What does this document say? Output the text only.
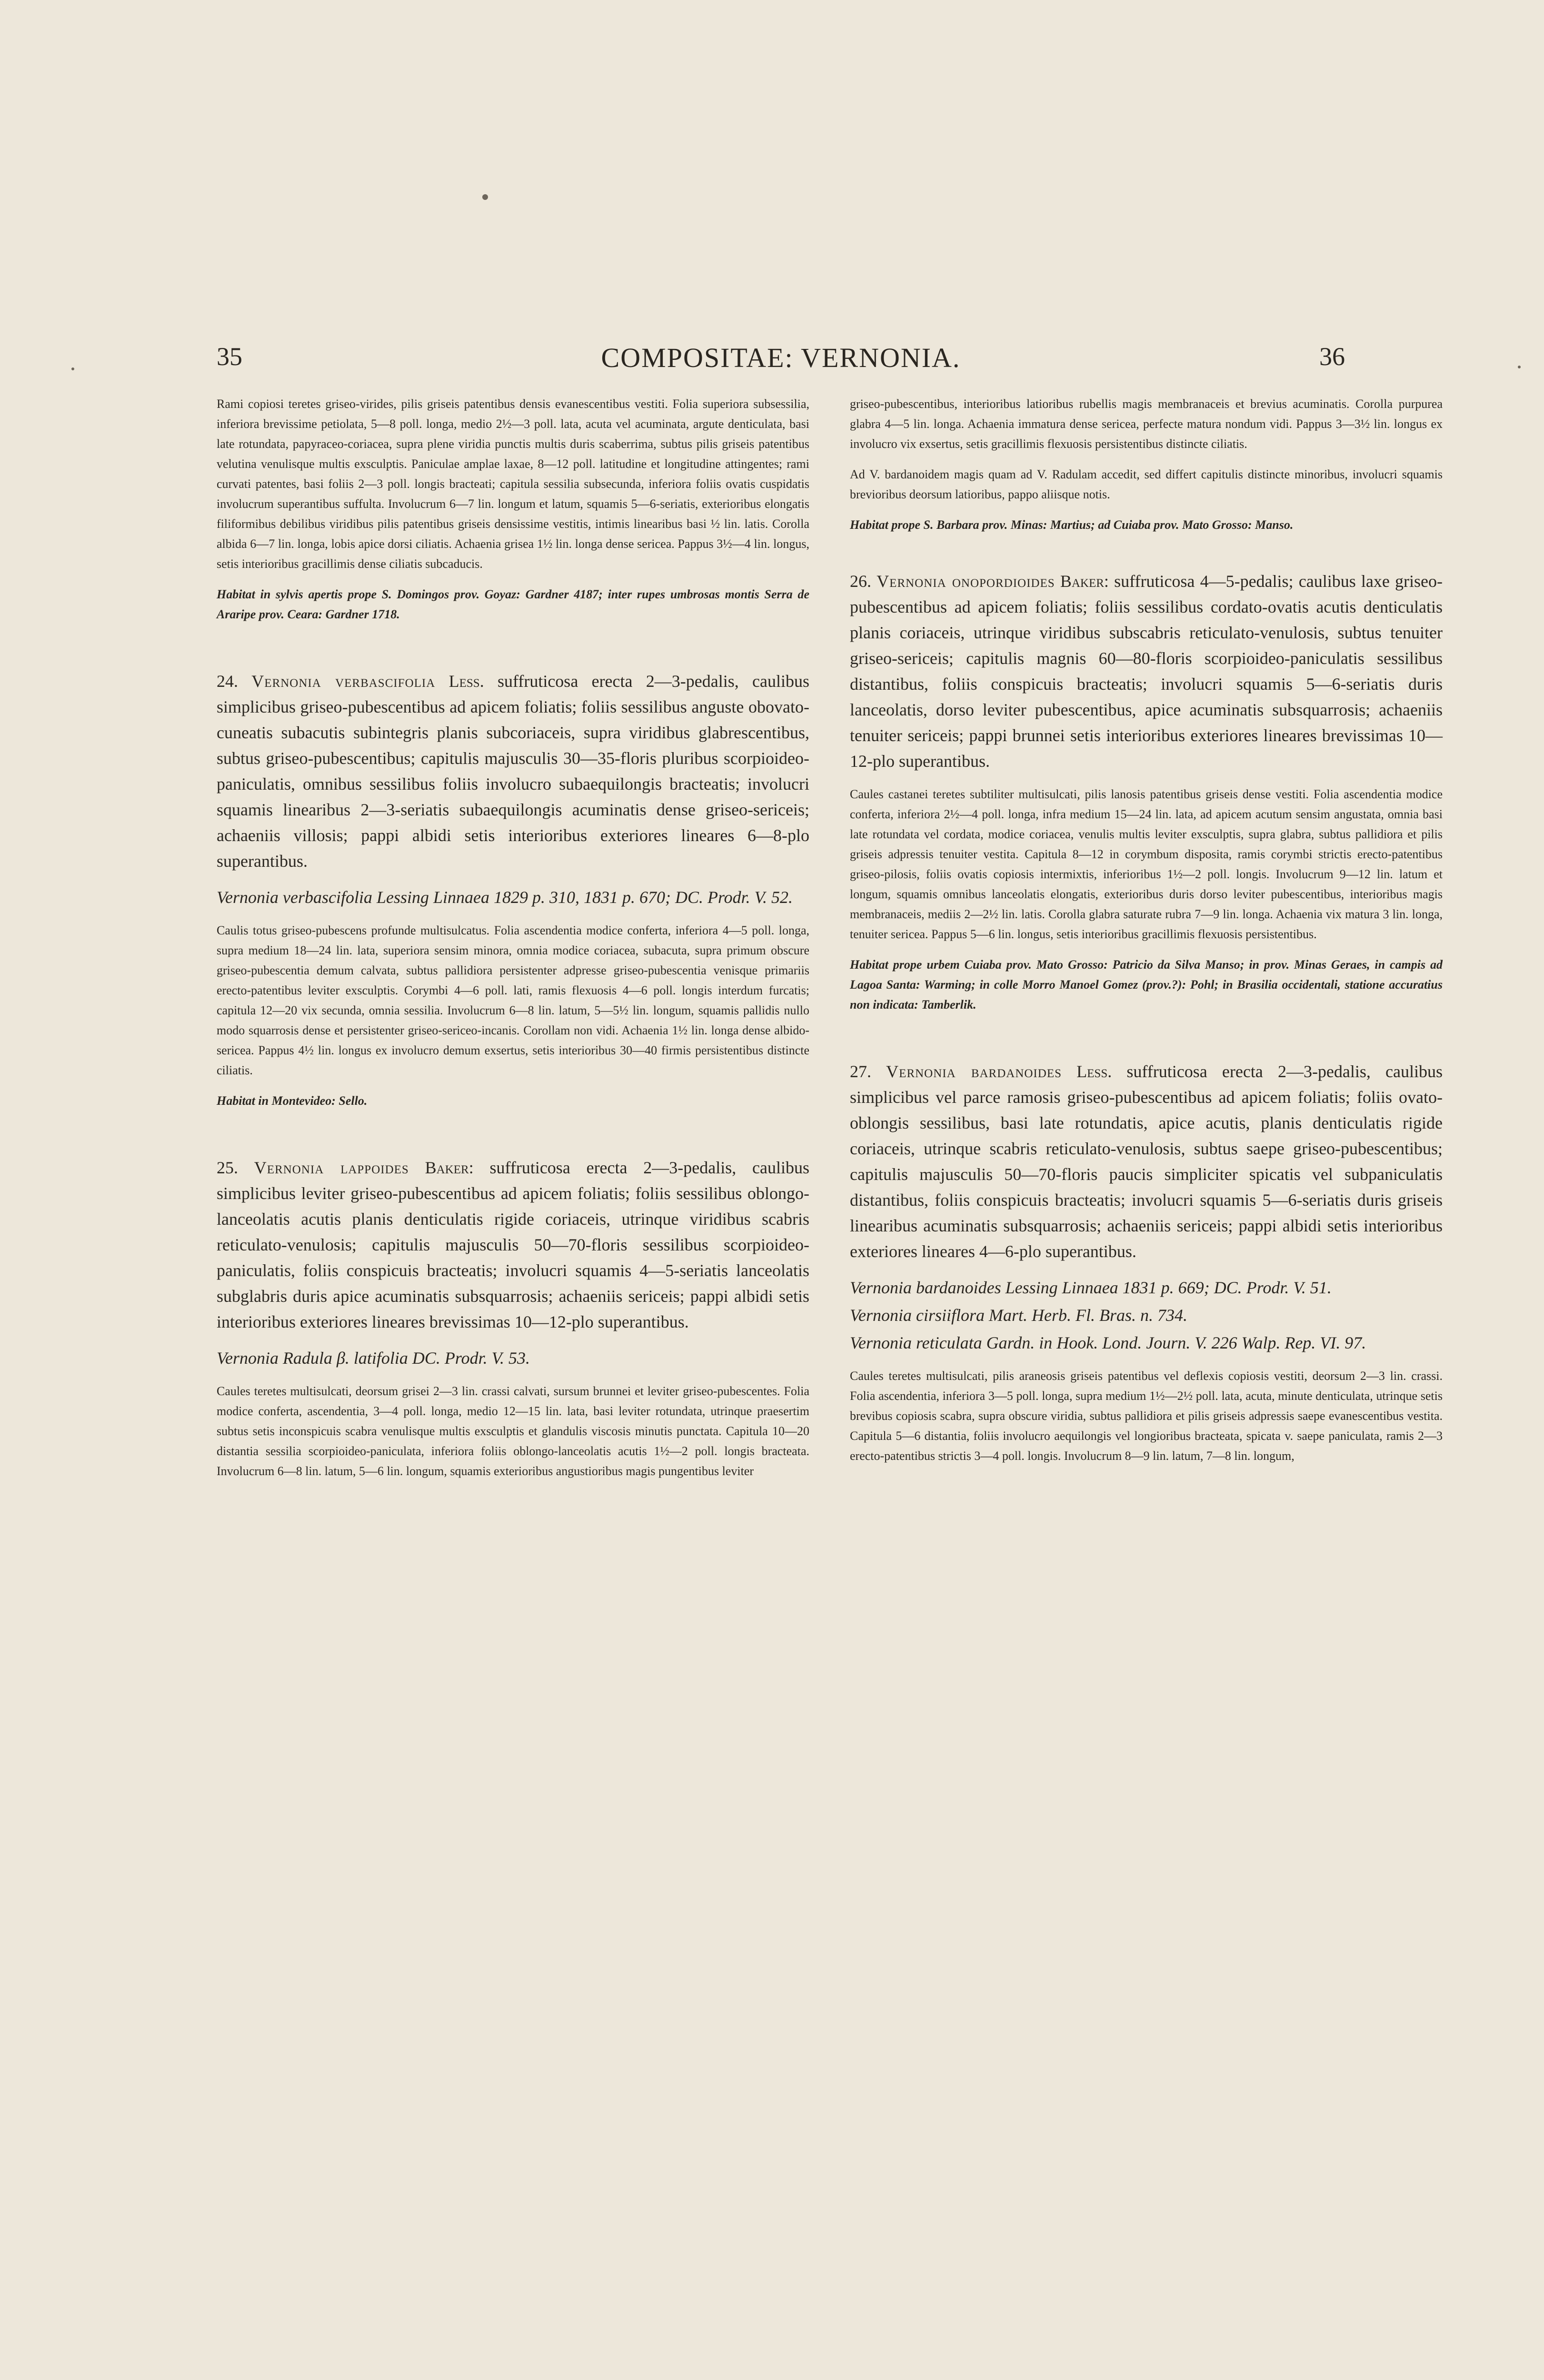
35	COMPOSITAE: VERNONIA.	36

Rami copiosi teretes griseo-virides, pilis griseis patentibus densis evanescentibus vestiti. Folia superiora subsessilia, inferiora brevissime petiolata, 5—8 poll. longa, medio 2½—3 poll. lata, acuta vel acuminata, argute denticulata, basi late rotundata, papyraceo-coriacea, supra plene viridia punctis multis duris scaberrima, subtus pilis griseis patentibus velutina venulisque multis exsculptis. Paniculae amplae laxae, 8—12 poll. latitudine et longitudine attingentes; rami curvati patentes, basi foliis 2—3 poll. longis bracteati; capitula sessilia subsecunda, inferiora foliis ovatis cuspidatis involucrum superantibus suffulta. Involucrum 6—7 lin. longum et latum, squamis 5—6-seriatis, exterioribus elongatis filiformibus debilibus viridibus pilis patentibus griseis densissime vestitis, intimis linearibus basi ½ lin. latis. Corolla albida 6—7 lin. longa, lobis apice dorsi ciliatis. Achaenia grisea 1½ lin. longa dense sericea. Pappus 3½—4 lin. longus, setis interioribus gracillimis dense ciliatis subcaducis.

Habitat in sylvis apertis prope S. Domingos prov. Goyaz: Gardner 4187; inter rupes umbrosas montis Serra de Araripe prov. Ceara: Gardner 1718.

24. Vernonia verbascifolia Less. suffruticosa erecta 2—3-pedalis, caulibus simplicibus griseo-pubescentibus ad apicem foliatis; foliis sessilibus anguste obovato-cuneatis subacutis subintegris planis subcoriaceis, supra viridibus glabrescentibus, subtus griseo-pubescentibus; capitulis majusculis 30—35-floris pluribus scorpioideo-paniculatis, omnibus sessilibus foliis involucro subaequilongis bracteatis; involucri squamis linearibus 2—3-seriatis subaequilongis acuminatis dense griseo-sericeis; achaeniis villosis; pappi albidi setis interioribus exteriores lineares 6—8-plo superantibus.

Vernonia verbascifolia Lessing Linnaea 1829 p. 310, 1831 p. 670; DC. Prodr. V. 52.

Caulis totus griseo-pubescens profunde multisulcatus. Folia ascendentia modice conferta, inferiora 4—5 poll. longa, supra medium 18—24 lin. lata, superiora sensim minora, omnia modice coriacea, subacuta, supra primum obscure griseo-pubescentia demum calvata, subtus pallidiora persistenter adpresse griseo-pubescentia venisque primariis erecto-patentibus leviter exsculptis. Corymbi 4—6 poll. lati, ramis flexuosis 4—6 poll. longis interdum furcatis; capitula 12—20 vix secunda, omnia sessilia. Involucrum 6—8 lin. latum, 5—5½ lin. longum, squamis pallidis nullo modo squarrosis dense et persistenter griseo-sericeo-incanis. Corollam non vidi. Achaenia 1½ lin. longa dense albido-sericea. Pappus 4½ lin. longus ex involucro demum exsertus, setis interioribus 30—40 firmis persistentibus distincte ciliatis.

Habitat in Montevideo: Sello.

25. Vernonia lappoides Baker: suffruticosa erecta 2—3-pedalis, caulibus simplicibus leviter griseo-pubescentibus ad apicem foliatis; foliis sessilibus oblongo-lanceolatis acutis planis denticulatis rigide coriaceis, utrinque viridibus scabris reticulato-venulosis; capitulis majusculis 50—70-floris sessilibus scorpioideo-paniculatis, foliis conspicuis bracteatis; involucri squamis 4—5-seriatis lanceolatis subglabris duris apice acuminatis subsquarrosis; achaeniis sericeis; pappi albidi setis interioribus exteriores lineares brevissimas 10—12-plo superantibus.

Vernonia Radula β. latifolia DC. Prodr. V. 53.

Caules teretes multisulcati, deorsum grisei 2—3 lin. crassi calvati, sursum brunnei et leviter griseo-pubescentes. Folia modice conferta, ascendentia, 3—4 poll. longa, medio 12—15 lin. lata, basi leviter rotundata, utrinque praesertim subtus setis inconspicuis scabra venulisque multis exsculptis et glandulis viscosis minutis punctata. Capitula 10—20 distantia sessilia scorpioideo-paniculata, inferiora foliis oblongo-lanceolatis acutis 1½—2 poll. longis bracteata. Involucrum 6—8 lin. latum, 5—6 lin. longum, squamis exterioribus angustioribus magis pungentibus leviter

griseo-pubescentibus, interioribus latioribus rubellis magis membranaceis et brevius acuminatis. Corolla purpurea glabra 4—5 lin. longa. Achaenia immatura dense sericea, perfecte matura nondum vidi. Pappus 3—3½ lin. longus ex involucro vix exsertus, setis gracillimis flexuosis persistentibus distincte ciliatis.

Ad V. bardanoidem magis quam ad V. Radulam accedit, sed differt capitulis distincte minoribus, involucri squamis brevioribus deorsum latioribus, pappo aliisque notis.

Habitat prope S. Barbara prov. Minas: Martius; ad Cuiaba prov. Mato Grosso: Manso.

26. Vernonia onopordioides Baker: suffruticosa 4—5-pedalis; caulibus laxe griseo-pubescentibus ad apicem foliatis; foliis sessilibus cordato-ovatis acutis denticulatis planis coriaceis, utrinque viridibus subscabris reticulato-venulosis, subtus tenuiter griseo-sericeis; capitulis magnis 60—80-floris scorpioideo-paniculatis sessilibus distantibus, foliis conspicuis bracteatis; involucri squamis 5—6-seriatis duris lanceolatis, dorso leviter pubescentibus, apice acuminatis subsquarrosis; achaeniis tenuiter sericeis; pappi brunnei setis interioribus exteriores lineares brevissimas 10—12-plo superantibus.

Caules castanei teretes subtiliter multisulcati, pilis lanosis patentibus griseis dense vestiti. Folia ascendentia modice conferta, inferiora 2½—4 poll. longa, infra medium 15—24 lin. lata, ad apicem acutum sensim angustata, omnia basi late rotundata vel cordata, modice coriacea, venulis multis leviter exsculptis, supra glabra, subtus pallidiora et pilis griseis adpressis tenuiter vestita. Capitula 8—12 in corymbum disposita, ramis corymbi strictis erecto-patentibus griseo-pilosis, foliis ovatis copiosis intermixtis, inferioribus 1½—2 poll. longis. Involucrum 9—12 lin. latum et longum, squamis omnibus lanceolatis elongatis, exterioribus duris dorso leviter pubescentibus, interioribus magis membranaceis, mediis 2—2½ lin. latis. Corolla glabra saturate rubra 7—9 lin. longa. Achaenia vix matura 3 lin. longa, tenuiter sericea. Pappus 5—6 lin. longus, setis interioribus gracillimis flexuosis persistentibus.

Habitat prope urbem Cuiaba prov. Mato Grosso: Patricio da Silva Manso; in prov. Minas Geraes, in campis ad Lagoa Santa: Warming; in colle Morro Manoel Gomez (prov.?): Pohl; in Brasilia occidentali, statione accuratius non indicata: Tamberlik.

27. Vernonia bardanoides Less. suffruticosa erecta 2—3-pedalis, caulibus simplicibus vel parce ramosis griseo-pubescentibus ad apicem foliatis; foliis ovato-oblongis sessilibus, basi late rotundatis, apice acutis, planis denticulatis rigide coriaceis, utrinque scabris reticulato-venulosis, subtus saepe griseo-pubescentibus; capitulis majusculis 50—70-floris paucis simpliciter spicatis vel subpaniculatis distantibus, foliis conspicuis bracteatis; involucri squamis 5—6-seriatis duris griseis linearibus acuminatis subsquarrosis; achaeniis sericeis; pappi albidi setis interioribus exteriores lineares 4—6-plo superantibus.

Vernonia bardanoides Lessing Linnaea 1831 p. 669; DC. Prodr. V. 51.

Vernonia cirsiiflora Mart. Herb. Fl. Bras. n. 734.

Vernonia reticulata Gardn. in Hook. Lond. Journ. V. 226 Walp. Rep. VI. 97.

Caules teretes multisulcati, pilis araneosis griseis patentibus vel deflexis copiosis vestiti, deorsum 2—3 lin. crassi. Folia ascendentia, inferiora 3—5 poll. longa, supra medium 1½—2½ poll. lata, acuta, minute denticulata, utrinque setis brevibus copiosis scabra, supra obscure viridia, subtus pallidiora et pilis griseis adpressis saepe evanescentibus vestita. Capitula 5—6 distantia, foliis involucro aequilongis vel longioribus bracteata, spicata v. saepe paniculata, ramis 2—3 erecto-patentibus strictis 3—4 poll. longis. Involucrum 8—9 lin. latum, 7—8 lin. longum,
